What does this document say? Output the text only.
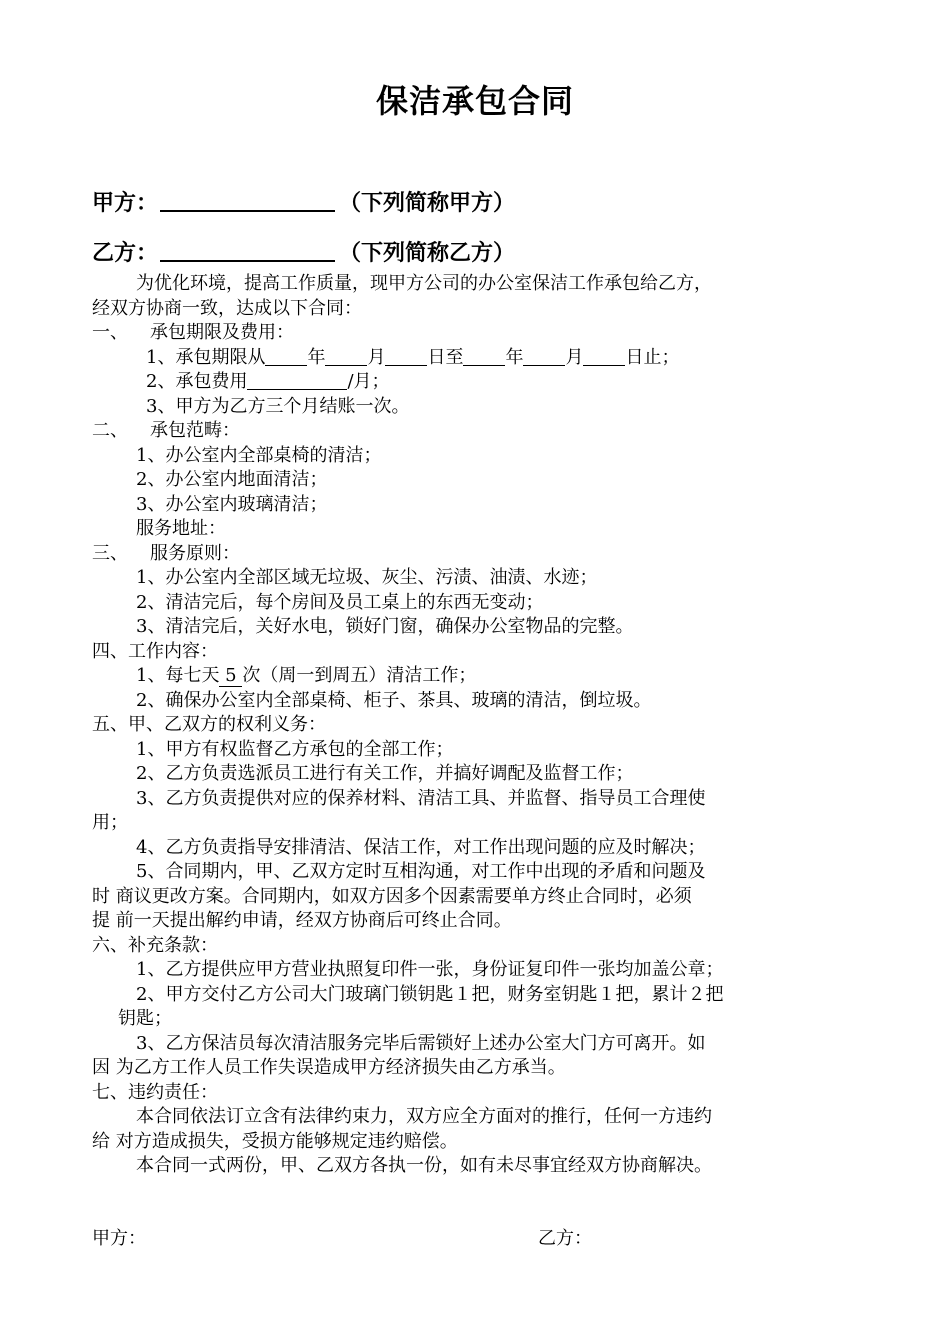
保洁承包合同
甲方：	（下列简称甲方）
乙方：	（下列简称乙方）
为优化环境，提高工作质量，现甲方公司的办公室保洁工作承包给乙方，
经双方协商一致，达成以下合同：
一、 承包期限及费用：
1、承包期限从 年 月 日至 年 月 日止；
2、承包费用	/月；
3、甲方为乙方三个月结账一次。
二、 承包范畴：
1、办公室内全部桌椅的清洁；
2、办公室内地面清洁；
3、办公室内玻璃清洁；
服务地址：
三、 服务原则：
1、办公室内全部区域无垃圾、灰尘、污渍、油渍、水迹；
2、清洁完后，每个房间及员工桌上的东西无变动；
3、清洁完后，关好水电，锁好门窗，确保办公室物品的完整。
四、工作内容：
1、每七天 5 次（周一到周五）清洁工作；
2、确保办公室内全部桌椅、柜子、茶具、玻璃的清洁，倒垃圾。
五、甲、乙双方的权利义务：
1、甲方有权监督乙方承包的全部工作；
2、乙方负责选派员工进行有关工作，并搞好调配及监督工作；
3、乙方负责提供对应的保养材料、清洁工具、并监督、指导员工合理使
用；
4、乙方负责指导安排清洁、保洁工作，对工作出现问题的应及时解决；
5、合同期内，甲、乙双方定时互相沟通，对工作中出现的矛盾和问题及
时 商议更改方案。合同期内，如双方因多个因素需要单方终止合同时，必须
提 前一天提出解约申请，经双方协商后可终止合同。
六、补充条款：
1、乙方提供应甲方营业执照复印件一张，身份证复印件一张均加盖公章；
2、甲方交付乙方公司大门玻璃门锁钥匙１把，财务室钥匙１把，累计２把
钥匙；
3、乙方保洁员每次清洁服务完毕后需锁好上述办公室大门方可离开。如
因 为乙方工作人员工作失误造成甲方经济损失由乙方承当。
七、违约责任：
本合同依法订立含有法律约束力，双方应全方面对的推行，任何一方违约
给 对方造成损失，受损方能够规定违约赔偿。
本合同一式两份，甲、乙双方各执一份，如有未尽事宜经双方协商解决。
甲方：	乙方：
